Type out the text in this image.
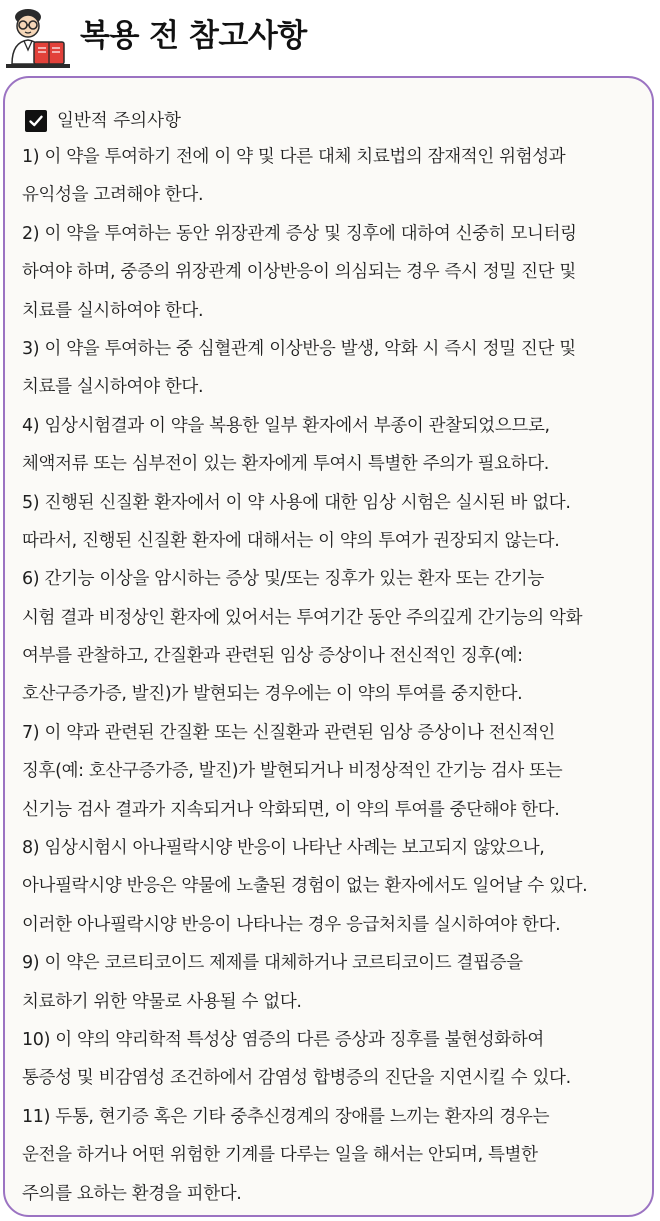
복용 전 참고사항
일반적 주의사항
1) 이 약을 투여하기 전에 이 약 및 다른 대체 치료법의 잠재적인 위험성과
유익성을 고려해야 한다.
2) 이 약을 투여하는 동안 위장관계 증상 및 징후에 대하여 신중히 모니터링
하여야 하며, 중증의 위장관계 이상반응이 의심되는 경우 즉시 정밀 진단 및
치료를 실시하여야 한다.
3) 이 약을 투여하는 중 심혈관계 이상반응 발생, 악화 시 즉시 정밀 진단 및
치료를 실시하여야 한다.
4) 임상시험결과 이 약을 복용한 일부 환자에서 부종이 관찰되었으므로,
체액저류 또는 심부전이 있는 환자에게 투여시 특별한 주의가 필요하다.
5) 진행된 신질환 환자에서 이 약 사용에 대한 임상 시험은 실시된 바 없다.
따라서, 진행된 신질환 환자에 대해서는 이 약의 투여가 권장되지 않는다.
6) 간기능 이상을 암시하는 증상 및/또는 징후가 있는 환자 또는 간기능
시험 결과 비정상인 환자에 있어서는 투여기간 동안 주의깊게 간기능의 악화
여부를 관찰하고, 간질환과 관련된 임상 증상이나 전신적인 징후(예:
호산구증가증, 발진)가 발현되는 경우에는 이 약의 투여를 중지한다.
7) 이 약과 관련된 간질환 또는 신질환과 관련된 임상 증상이나 전신적인
징후(예: 호산구증가증, 발진)가 발현되거나 비정상적인 간기능 검사 또는
신기능 검사 결과가 지속되거나 악화되면, 이 약의 투여를 중단해야 한다.
8) 임상시험시 아나필락시양 반응이 나타난 사례는 보고되지 않았으나,
아나필락시양 반응은 약물에 노출된 경험이 없는 환자에서도 일어날 수 있다.
이러한 아나필락시양 반응이 나타나는 경우 응급처치를 실시하여야 한다.
9) 이 약은 코르티코이드 제제를 대체하거나 코르티코이드 결핍증을
치료하기 위한 약물로 사용될 수 없다.
10) 이 약의 약리학적 특성상 염증의 다른 증상과 징후를 불현성화하여
통증성 및 비감염성 조건하에서 감염성 합병증의 진단을 지연시킬 수 있다.
11) 두통, 현기증 혹은 기타 중추신경계의 장애를 느끼는 환자의 경우는
운전을 하거나 어떤 위험한 기계를 다루는 일을 해서는 안되며, 특별한
주의를 요하는 환경을 피한다.
